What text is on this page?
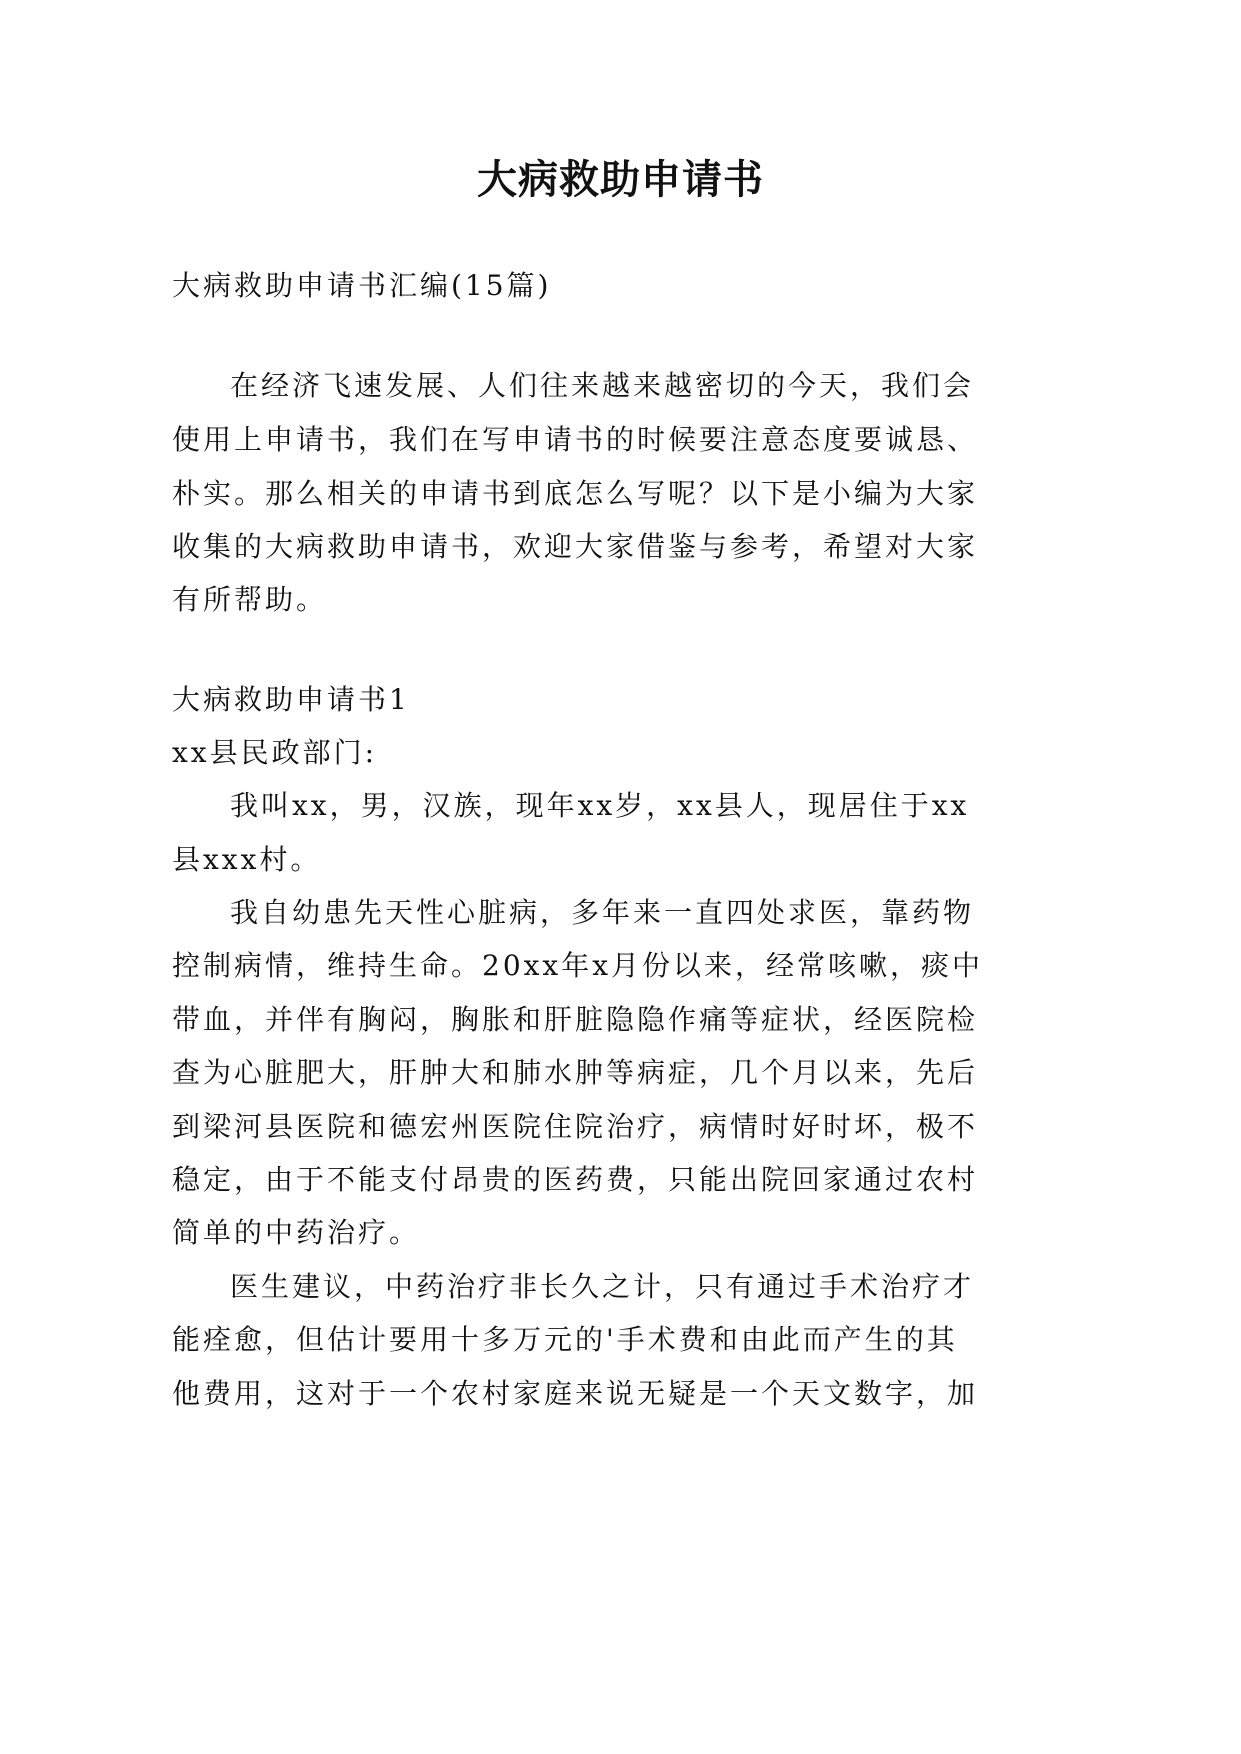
大病救助申请书

大病救助申请书汇编(15篇)

在经济飞速发展、人们往来越来越密切的今天，我们会

使用上申请书，我们在写申请书的时候要注意态度要诚恳、

朴实。那么相关的申请书到底怎么写呢？以下是小编为大家

收集的大病救助申请书，欢迎大家借鉴与参考，希望对大家

有所帮助。

大病救助申请书1

xx县民政部门:

我叫xx，男，汉族，现年xx岁，xx县人，现居住于xx

县xxx村。

我自幼患先天性心脏病，多年来一直四处求医，靠药物

控制病情，维持生命。20xx年x月份以来，经常咳嗽，痰中

带血，并伴有胸闷，胸胀和肝脏隐隐作痛等症状，经医院检

查为心脏肥大，肝肿大和肺水肿等病症，几个月以来，先后

到梁河县医院和德宏州医院住院治疗，病情时好时坏，极不

稳定，由于不能支付昂贵的医药费，只能出院回家通过农村

简单的中药治疗。

医生建议，中药治疗非长久之计，只有通过手术治疗才

能痊愈，但估计要用十多万元的'手术费和由此而产生的其

他费用，这对于一个农村家庭来说无疑是一个天文数字，加
